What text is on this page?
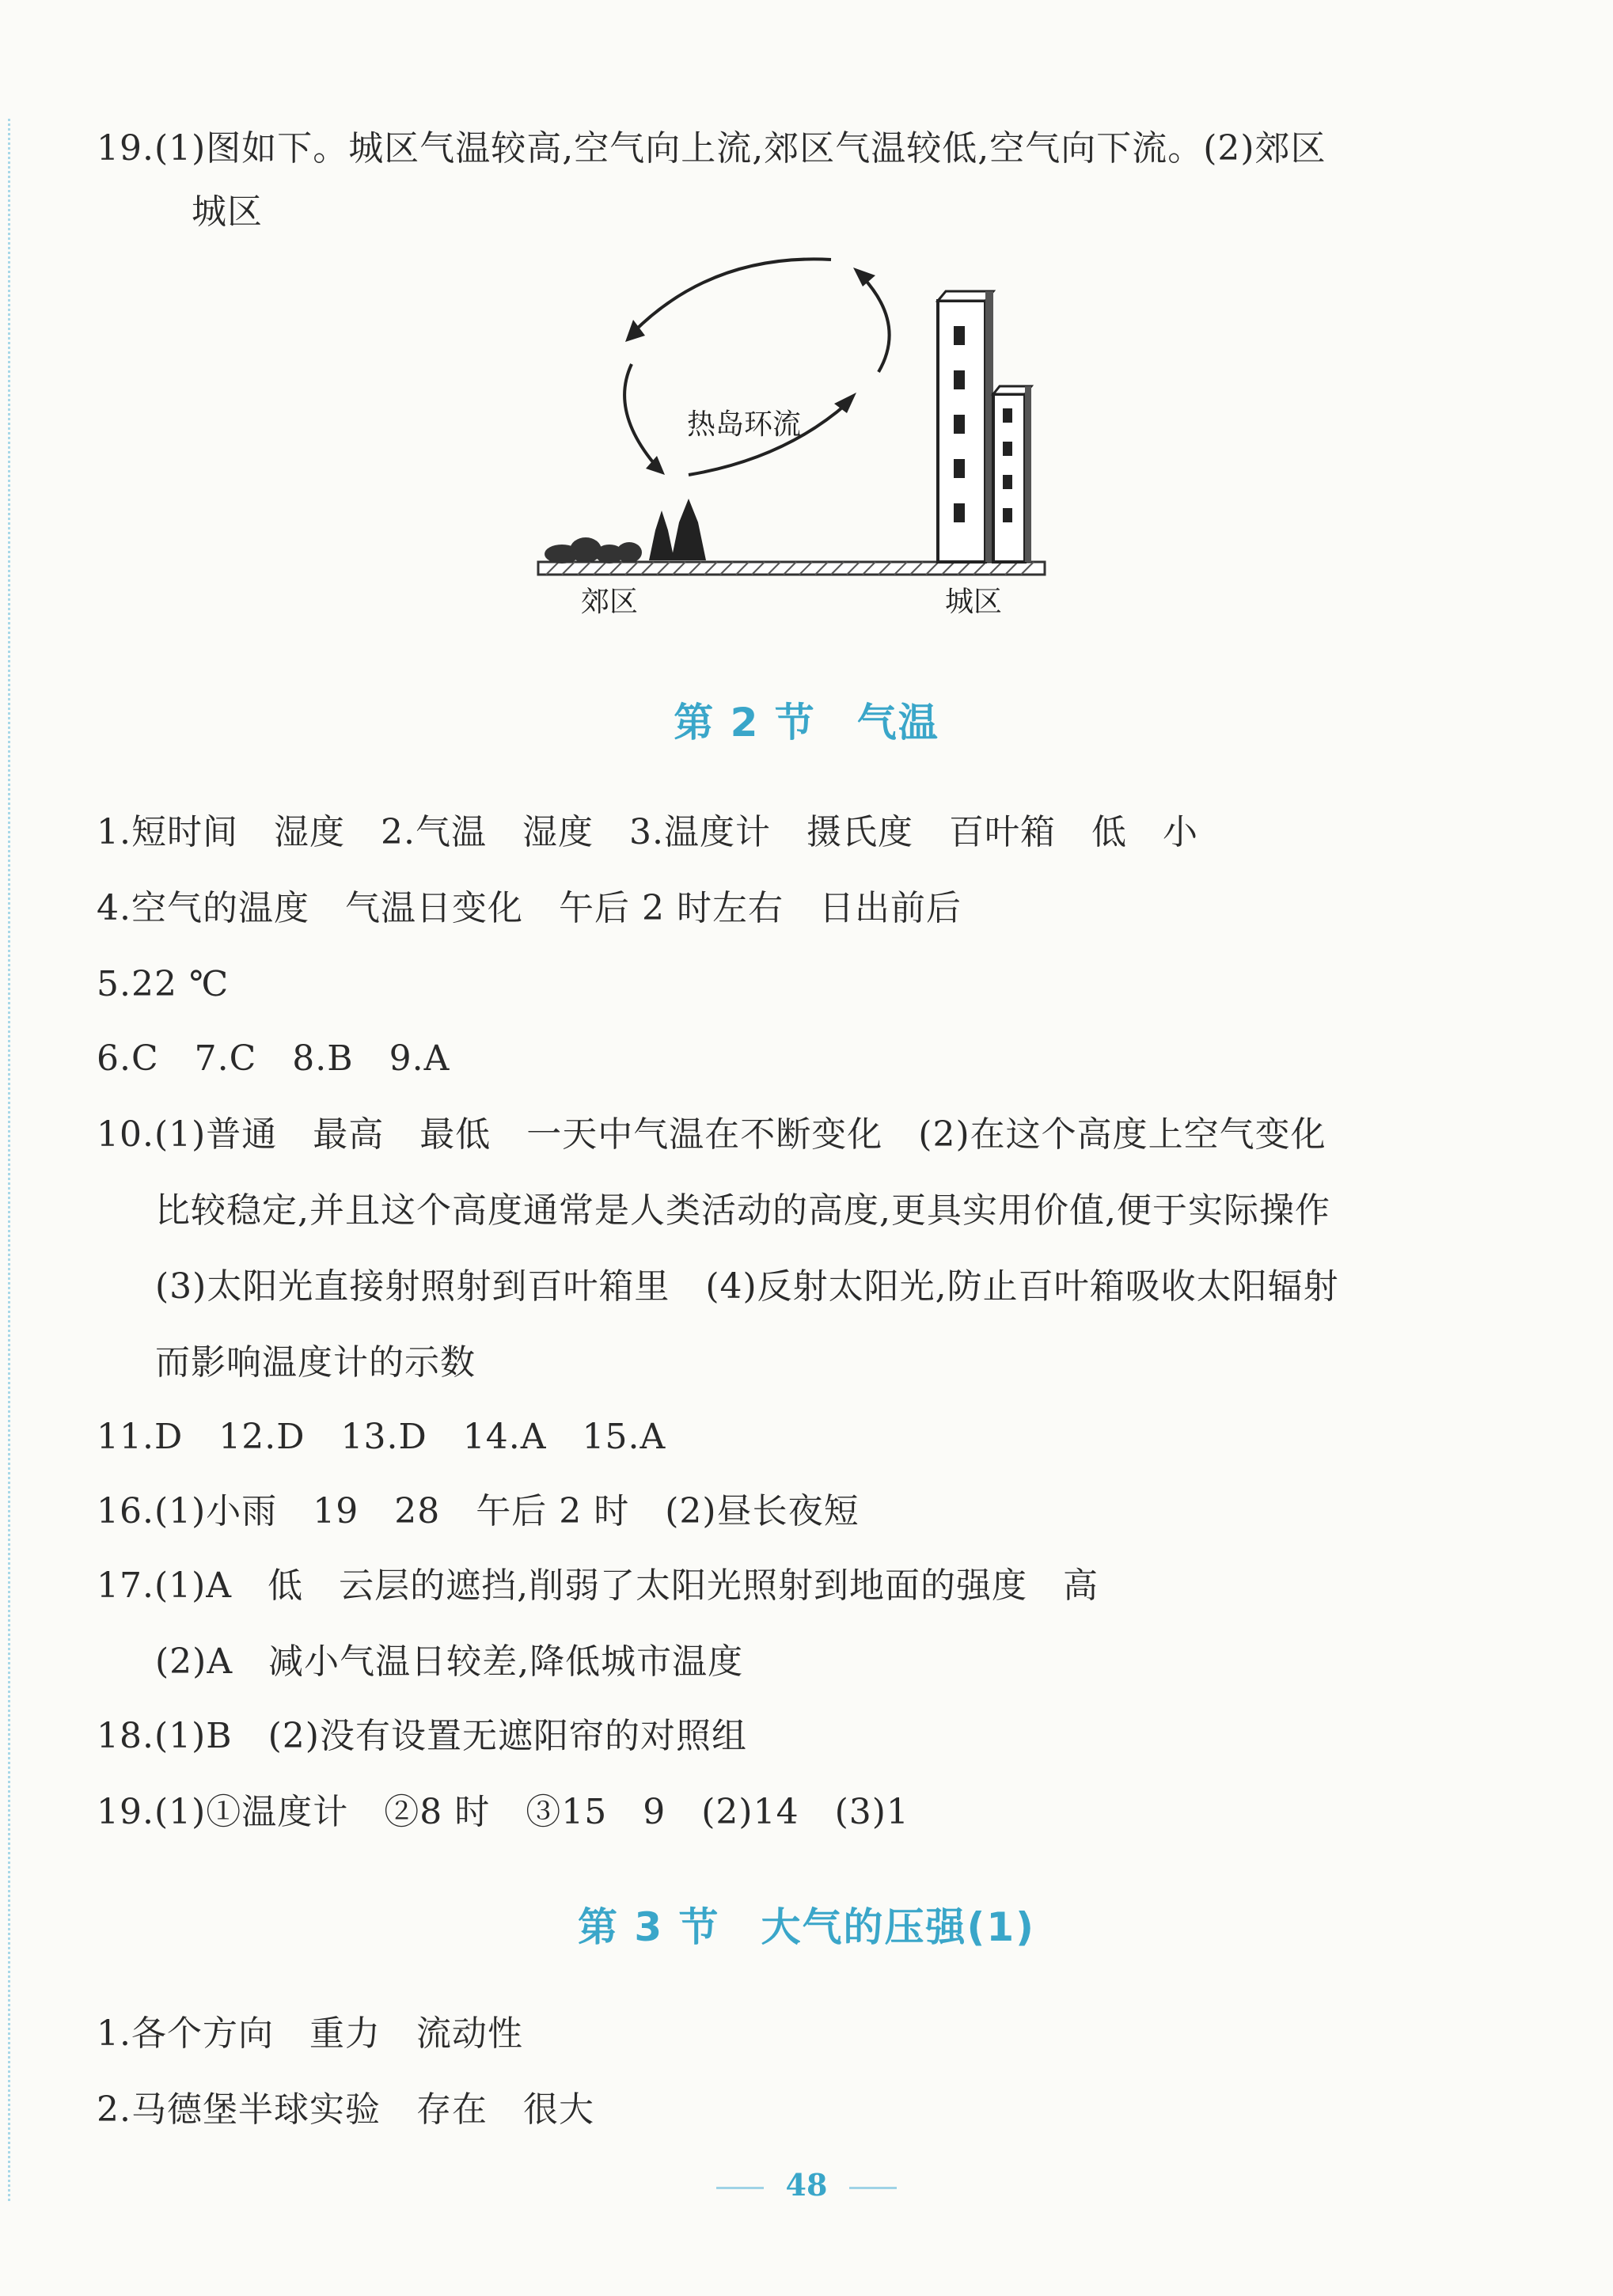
19.(1)图如下。城区气温较高,空气向上流,郊区气温较低,空气向下流。(2)郊区
城区
热岛环流
郊区	城区
第 2 节　气温
1.短时间　湿度　2.气温　湿度　3.温度计　摄氏度　百叶箱　低　小
4.空气的温度　气温日变化　午后 2 时左右　日出前后
5.22 ℃
6.C　7.C　8.B　9.A
10.(1)普通　最高　最低　一天中气温在不断变化　(2)在这个高度上空气变化
比较稳定,并且这个高度通常是人类活动的高度,更具实用价值,便于实际操作
(3)太阳光直接射照射到百叶箱里　(4)反射太阳光,防止百叶箱吸收太阳辐射
而影响温度计的示数
11.D　12.D　13.D　14.A　15.A
16.(1)小雨　19　28　午后 2 时　(2)昼长夜短
17.(1)A　低　云层的遮挡,削弱了太阳光照射到地面的强度　高
(2)A　减小气温日较差,降低城市温度
18.(1)B　(2)没有设置无遮阳帘的对照组
19.(1)①温度计　②8 时　③15　9　(2)14　(3)1
第 3 节　大气的压强(1)
1.各个方向　重力　流动性
2.马德堡半球实验　存在　很大
48
